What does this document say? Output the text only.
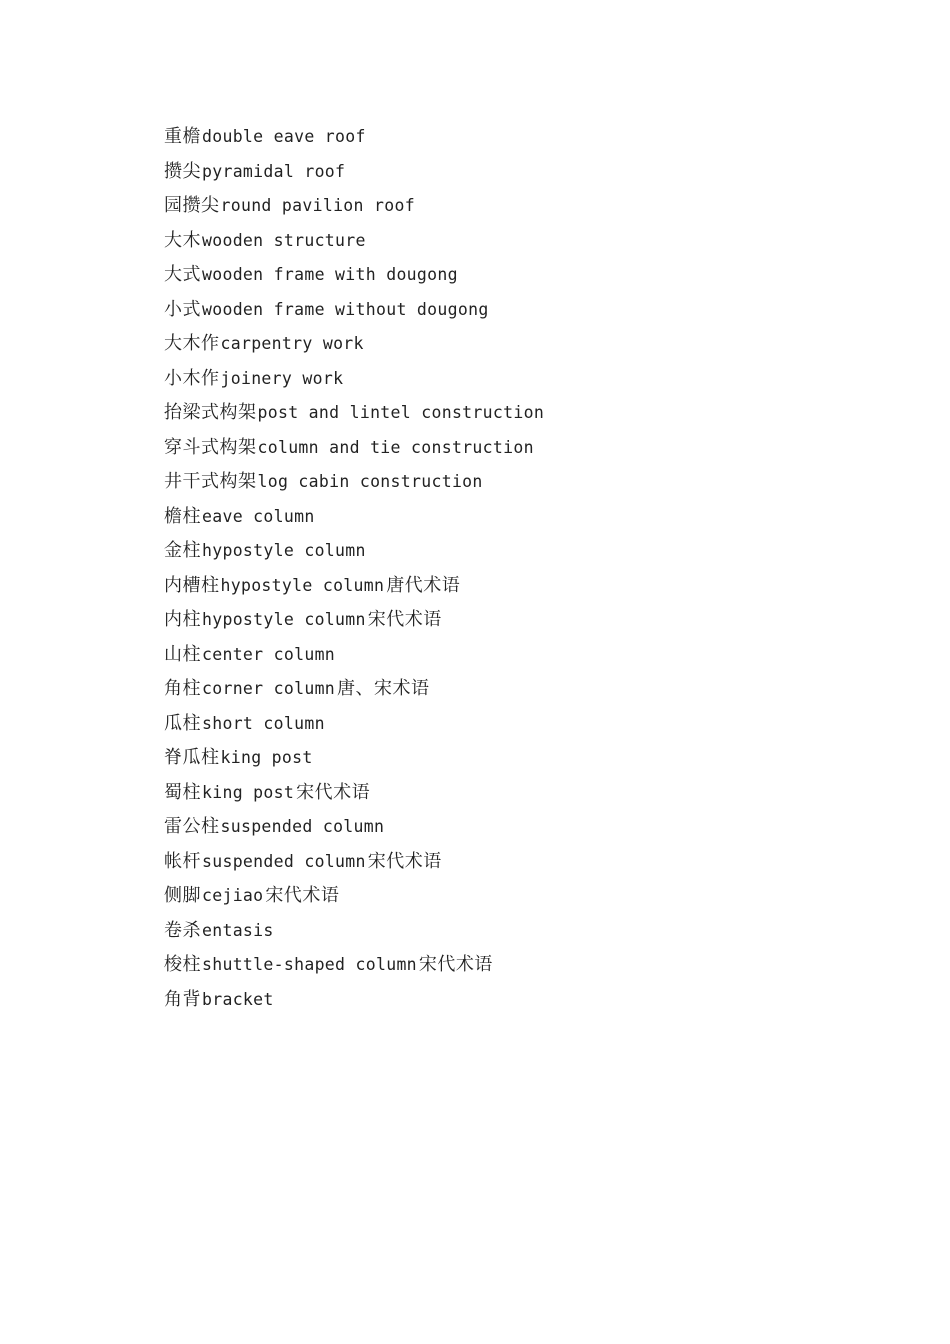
重檐double eave roof
攒尖pyramidal roof
园攒尖round pavilion roof
大木wooden structure
大式wooden frame with dougong
小式wooden frame without dougong
大木作carpentry work
小木作joinery work
抬梁式构架post and lintel construction
穿斗式构架column and tie construction
井干式构架log cabin construction
檐柱eave column
金柱hypostyle column
内槽柱hypostyle column 唐代术语
内柱hypostyle column 宋代术语
山柱center column
角柱corner column 唐、宋术语
瓜柱short column
脊瓜柱king post
蜀柱king post 宋代术语
雷公柱suspended column
帐杆suspended column 宋代术语
侧脚cejiao 宋代术语
卷杀entasis
梭柱shuttle-shaped column 宋代术语
角背bracket
